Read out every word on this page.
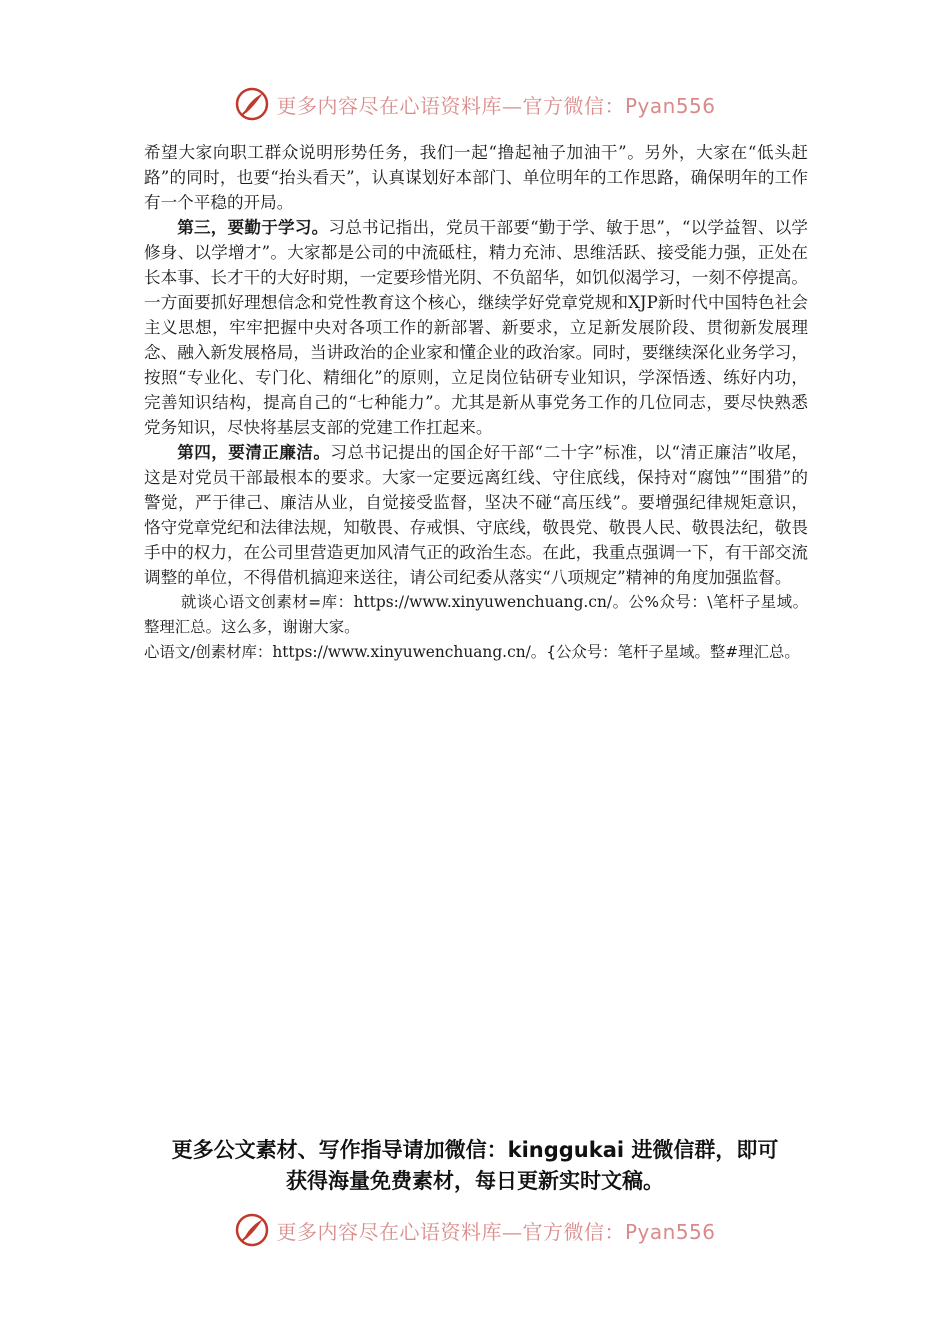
更多内容尽在心语资料库—官方微信：Pyan556

希望大家向职工群众说明形势任务，我们一起“撸起袖子加油干”。另外，大家在“低头赶路”的同时，也要“抬头看天”，认真谋划好本部门、单位明年的工作思路，确保明年的工作有一个平稳的开局。

第三，要勤于学习。习总书记指出，党员干部要“勤于学、敏于思”，“以学益智、以学修身、以学增才”。大家都是公司的中流砥柱，精力充沛、思维活跃、接受能力强，正处在长本事、长才干的大好时期，一定要珍惜光阴、不负韶华，如饥似渴学习，一刻不停提高。一方面要抓好理想信念和党性教育这个核心，继续学好党章党规和XJP新时代中国特色社会主义思想，牢牢把握中央对各项工作的新部署、新要求，立足新发展阶段、贯彻新发展理念、融入新发展格局，当讲政治的企业家和懂企业的政治家。同时，要继续深化业务学习，按照“专业化、专门化、精细化”的原则，立足岗位钻研专业知识，学深悟透、练好内功，完善知识结构，提高自己的“七种能力”。尤其是新从事党务工作的几位同志，要尽快熟悉党务知识，尽快将基层支部的党建工作扛起来。

第四，要清正廉洁。习总书记提出的国企好干部“二十字”标准，以“清正廉洁”收尾，这是对党员干部最根本的要求。大家一定要远离红线、守住底线，保持对“腐蚀”“围猎”的警觉，严于律己、廉洁从业，自觉接受监督，坚决不碰“高压线”。要增强纪律规矩意识，恪守党章党纪和法律法规，知敬畏、存戒惧、守底线，敬畏党、敬畏人民、敬畏法纪，敬畏手中的权力，在公司里营造更加风清气正的政治生态。在此，我重点强调一下，有干部交流调整的单位，不得借机搞迎来送往，请公司纪委从落实“八项规定”精神的角度加强监督。

就谈心语文创素材=库：https://www.xinyuwenchuang.cn/。公%众号：\笔杆子星域。整理汇总。这么多，谢谢大家。

心语文/创素材库：https://www.xinyuwenchuang.cn/。{公众号：笔杆子星域。整#理汇总。

更多公文素材、写作指导请加微信：kinggukai 进微信群，即可
获得海量免费素材，每日更新实时文稿。
更多内容尽在心语资料库—官方微信：Pyan556
